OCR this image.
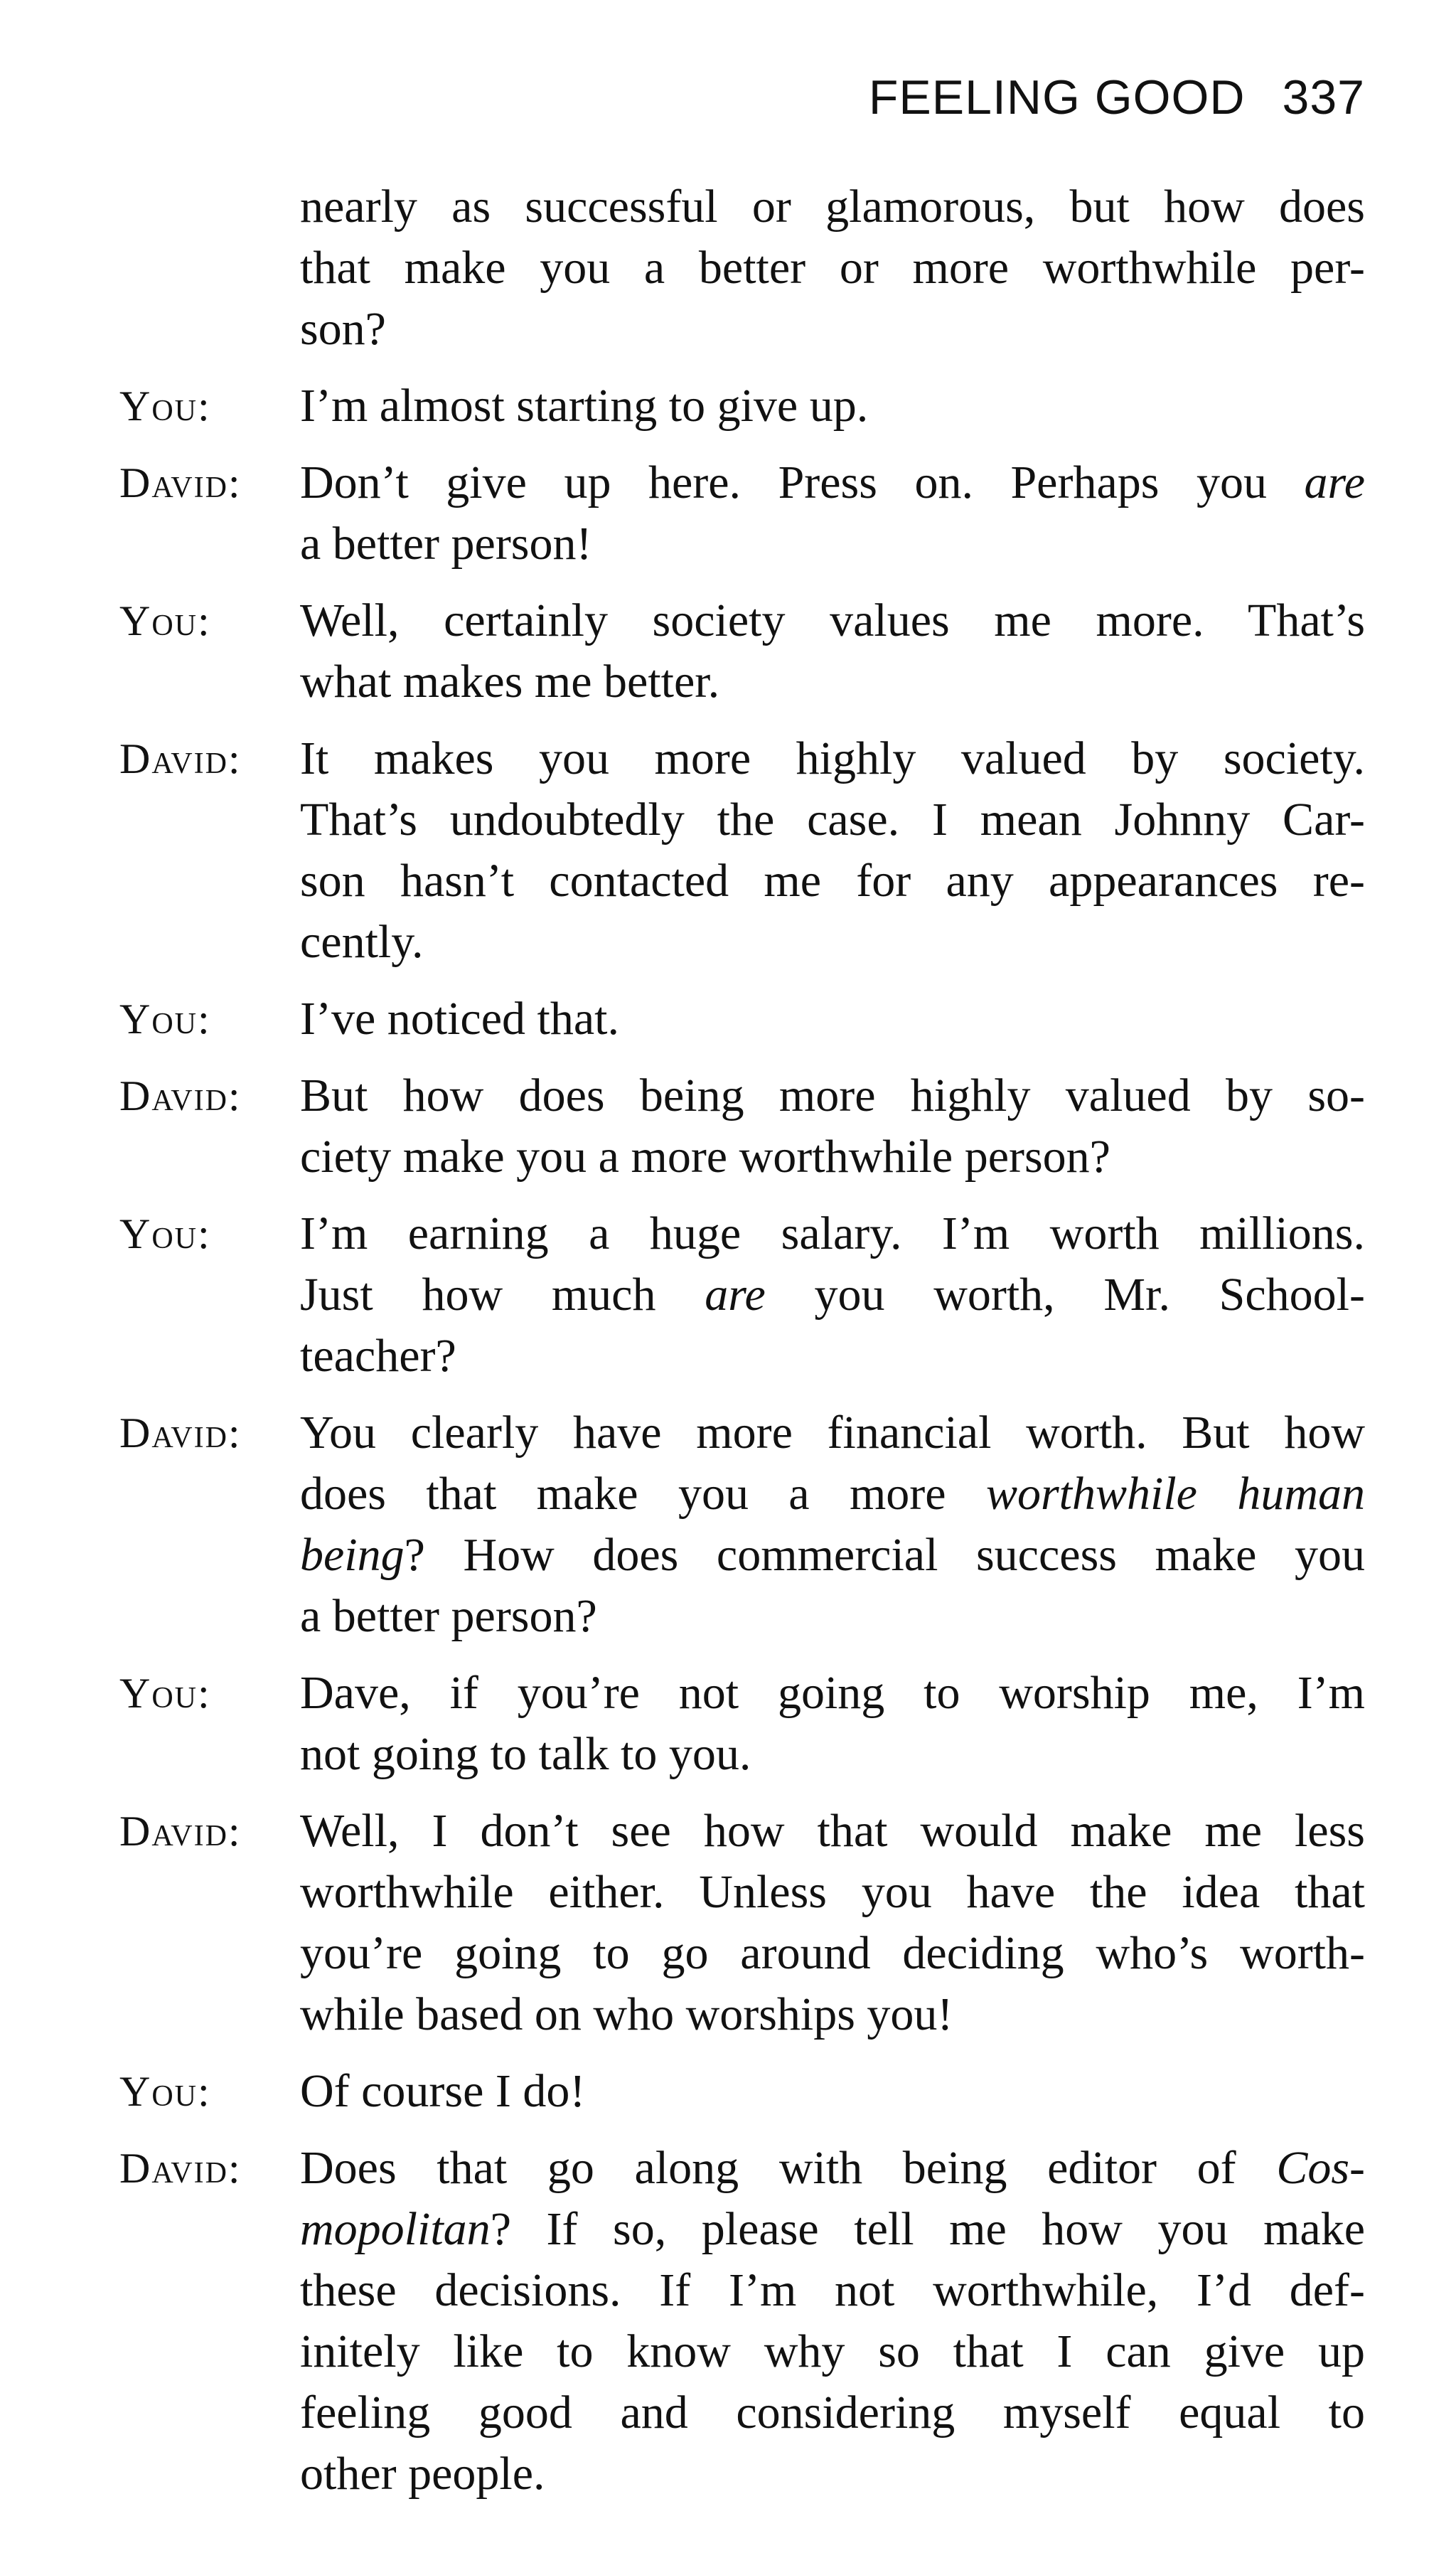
FEELING GOOD 337
nearly as successful or glamorous, but how does
that make you a better or more worthwhile per-
son?
You:	I’m almost starting to give up.
David:	Don’t give up here. Press on. Perhaps you are
a better person!
You:	Well, certainly society values me more. That’s
what makes me better.
David:	It makes you more highly valued by society.
That’s undoubtedly the case. I mean Johnny Car-
son hasn’t contacted me for any appearances re-
cently.
You:	I’ve noticed that.
David:	But how does being more highly valued by so-
ciety make you a more worthwhile person?
You:	I’m earning a huge salary. I’m worth millions.
Just how much are you worth, Mr. School-
teacher?
David:	You clearly have more financial worth. But how
does that make you a more worthwhile human
being? How does commercial success make you
a better person?
You:	Dave, if you’re not going to worship me, I’m
not going to talk to you.
David:	Well, I don’t see how that would make me less
worthwhile either. Unless you have the idea that
you’re going to go around deciding who’s worth-
while based on who worships you!
You:	Of course I do!
David:	Does that go along with being editor of Cos-
mopolitan? If so, please tell me how you make
these decisions. If I’m not worthwhile, I’d def-
initely like to know why so that I can give up
feeling good and considering myself equal to
other people.
